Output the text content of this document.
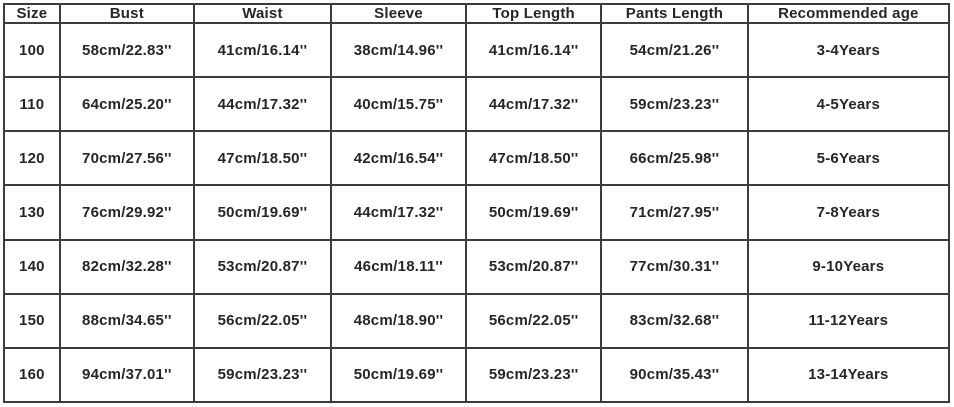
Size	Bust	Waist	Sleeve	Top Length	Pants Length	Recommended age
100	58cm/22.83''	41cm/16.14''	38cm/14.96''	41cm/16.14''	54cm/21.26''	3-4Years
110	64cm/25.20''	44cm/17.32''	40cm/15.75''	44cm/17.32''	59cm/23.23''	4-5Years
120	70cm/27.56''	47cm/18.50''	42cm/16.54''	47cm/18.50''	66cm/25.98''	5-6Years
130	76cm/29.92''	50cm/19.69''	44cm/17.32''	50cm/19.69''	71cm/27.95''	7-8Years
140	82cm/32.28''	53cm/20.87''	46cm/18.11''	53cm/20.87''	77cm/30.31''	9-10Years
150	88cm/34.65''	56cm/22.05''	48cm/18.90''	56cm/22.05''	83cm/32.68''	11-12Years
160	94cm/37.01''	59cm/23.23''	50cm/19.69''	59cm/23.23''	90cm/35.43''	13-14Years
